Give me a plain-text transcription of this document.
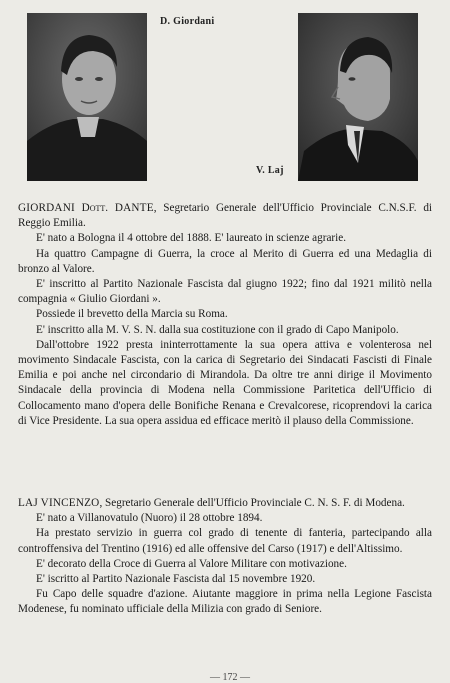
D. Giordani
V. Laj

GIORDANI Dott. DANTE, Segretario Generale dell'Ufficio Provinciale C.N.S.F. di Reggio Emilia.

E' nato a Bologna il 4 ottobre del 1888. E' laureato in scienze agrarie.

Ha quattro Campagne di Guerra, la croce al Merito di Guerra ed una Medaglia di bronzo al Valore.

E' inscritto al Partito Nazionale Fascista dal giugno 1922; fino dal 1921 militò nella compagnia « Giulio Giordani ».

Possiede il brevetto della Marcia su Roma.

E' inscritto alla M. V. S. N. dalla sua costituzione con il grado di Capo Manipolo.

Dall'ottobre 1922 presta ininterrottamente la sua opera attiva e volenterosa nel movimento Sindacale Fascista, con la carica di Segretario dei Sindacati Fascisti di Finale Emilia e poi anche nel circondario di Mirandola. Da oltre tre anni dirige il Movimento Sindacale della provincia di Modena nella Commissione Paritetica dell'Ufficio di Collocamento mano d'opera delle Bonifiche Renana e Crevalcorese, ricoprendovi la carica di Vice Presidente. La sua opera assidua ed efficace meritò il plauso della Commissione.

LAJ VINCENZO, Segretario Generale dell'Ufficio Provinciale C. N. S. F. di Modena.

E' nato a Villanovatulo (Nuoro) il 28 ottobre 1894.

Ha prestato servizio in guerra col grado di tenente di fanteria, partecipando alla controffensiva del Trentino (1916) ed alle offensive del Carso (1917) e dell'Altissimo.

E' decorato della Croce di Guerra al Valore Militare con motivazione.

E' iscritto al Partito Nazionale Fascista dal 15 novembre 1920.

Fu Capo delle squadre d'azione. Aiutante maggiore in prima nella Legione Fascista Modenese, fu nominato ufficiale della Milizia con grado di Seniore.

— 172 —
